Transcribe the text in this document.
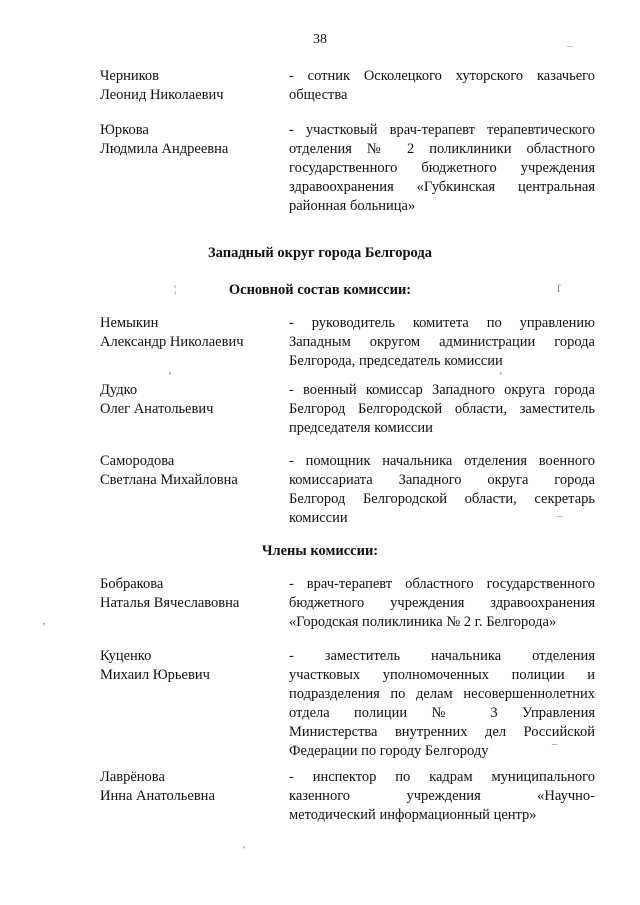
38
Черников
Леонид Николаевич
- сотник Осколецкого хуторского казачьего
общества
Юркова
Людмила Андреевна
- участковый врач-терапевт терапевтического
отделения № 2 поликлиники областного
государственного бюджетного учреждения
здравоохранения «Губкинская центральная
районная больница»
Западный округ города Белгорода
Основной состав комиссии:
Немыкин
Александр Николаевич
- руководитель комитета по управлению
Западным округом администрации города
Белгорода, председатель комиссии
Дудко
Олег Анатольевич
- военный комиссар Западного округа города
Белгород Белгородской области, заместитель
председателя комиссии
Самородова
Светлана Михайловна
- помощник начальника отделения военного
комиссариата Западного округа города
Белгород Белгородской области, секретарь
комиссии
Члены комиссии:
Бобракова
Наталья Вячеславовна
- врач-терапевт областного государственного
бюджетного учреждения здравоохранения
«Городская поликлиника № 2 г. Белгорода»
Куценко
Михаил Юрьевич
- заместитель начальника отделения
участковых уполномоченных полиции и
подразделения по делам несовершеннолетних
отдела полиции № 3 Управления
Министерства внутренних дел Российской
Федерации по городу Белгороду
Лаврёнова
Инна Анатольевна
- инспектор по кадрам муниципального
казенного учреждения «Научно-
методический информационный центр»
–
¦	ſ
‘	‘
–
–
‚
‚
